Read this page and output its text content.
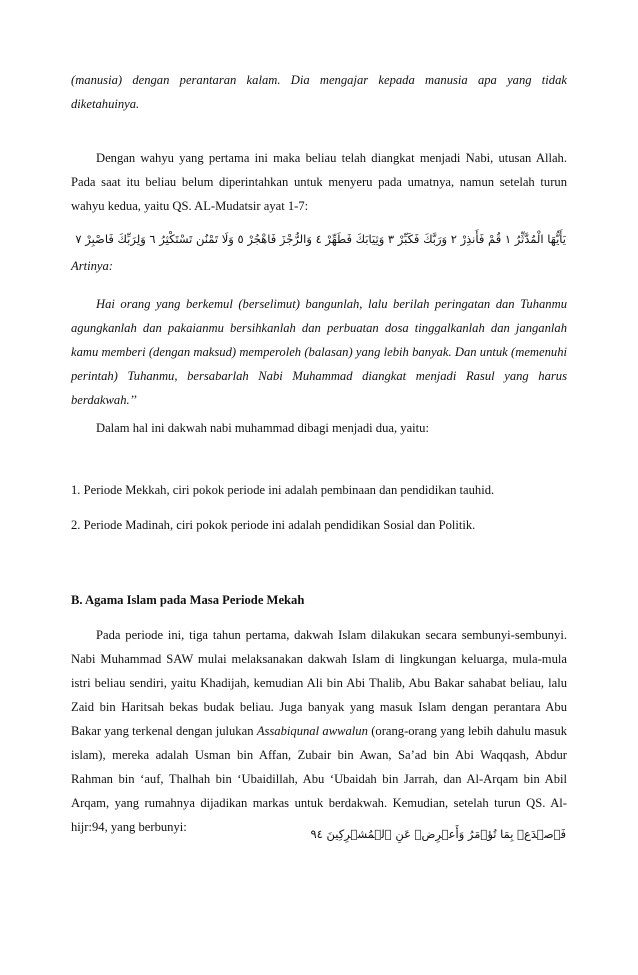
(manusia) dengan perantaran kalam. Dia mengajar kepada manusia apa yang tidak diketahuinya.

Dengan wahyu yang pertama ini maka beliau telah diangkat menjadi Nabi, utusan Allah. Pada saat itu beliau belum diperintahkan untuk menyeru pada umatnya, namun setelah turun wahyu kedua, yaitu QS. AL-Mudatsir ayat 1-7:

يَأَيُّهَا الْمُدَّثِّرُ ١ قُمْ فَأَنذِرْ ٢ وَرَبَّكَ فَكَبِّرْ ٣ وَثِيَابَكَ فَطَهِّرْ ٤ وَالرُّجْزَ فَاهْجُرْ ٥ وَلَا تَمْنُن تَسْتَكْثِرُ ٦ وَلِرَبِّكَ فَاصْبِرْ ٧

Artinya:

Hai orang yang berkemul (berselimut) bangunlah, lalu berilah peringatan dan Tuhanmu agungkanlah dan pakaianmu bersihkanlah dan perbuatan dosa tinggalkanlah dan janganlah kamu memberi (dengan maksud) memperoleh (balasan) yang lebih banyak. Dan untuk (memenuhi perintah) Tuhanmu, bersabarlah Nabi Muhammad diangkat menjadi Rasul yang harus berdakwah.’’

Dalam hal ini dakwah nabi muhammad dibagi menjadi dua, yaitu:

1. Periode Mekkah, ciri pokok periode ini adalah pembinaan dan pendidikan tauhid.

2. Periode Madinah, ciri pokok periode ini adalah pendidikan Sosial dan Politik.

B. Agama Islam pada Masa Periode Mekah

Pada periode ini, tiga tahun pertama, dakwah Islam dilakukan secara sembunyi-sembunyi. Nabi Muhammad SAW mulai melaksanakan dakwah Islam di lingkungan keluarga, mula-mula istri beliau sendiri, yaitu Khadijah, kemudian Ali bin Abi Thalib, Abu Bakar sahabat beliau, lalu Zaid bin Haritsah bekas budak beliau. Juga banyak yang masuk Islam dengan perantara Abu Bakar yang terkenal dengan julukan Assabiqunal awwalun (orang-orang yang lebih dahulu masuk islam), mereka adalah Usman bin Affan, Zubair bin Awan, Sa’ad bin Abi Waqqash, Abdur Rahman bin ‘auf, Thalhah bin ‘Ubaidillah, Abu ‘Ubaidah bin Jarrah, dan Al-Arqam bin Abil Arqam, yang rumahnya dijadikan markas untuk berdakwah. Kemudian, setelah turun QS. Al-hijr:94, yang berbunyi:	فَٱصۡدَعۡ بِمَا تُؤۡمَرُ وَأَعۡرِضۡ عَنِ ٱلۡمُشۡرِكِينَ ٩٤
